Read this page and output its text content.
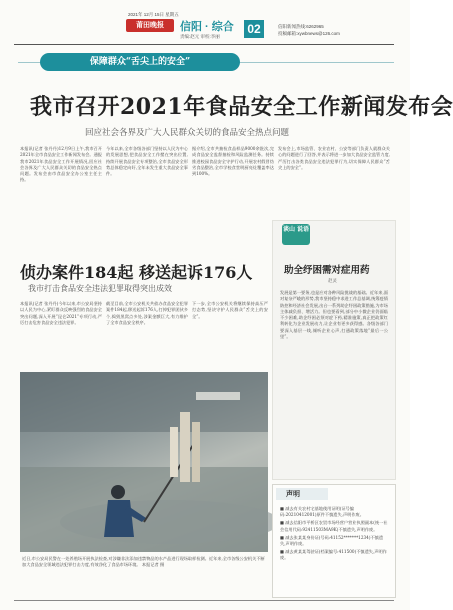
2021年 12月 15日 星期五
莆田晚报	信阳 · 综合
责编:赵元 审校:李丽
02	信阳新闻热线:6262965
投稿邮箱:xywbnews@126.com
保障群众“舌尖上的安全”
我市召开2021年食品安全工作新闻发布会
回应社会各界及广大人民群众关切的食品安全热点问题
本报讯(记者 张丹丹)12月9日上午,我市召开2021年全市食品安全工作新闻发布会。通报我市2021年食品安全工作开展情况,回应社会各界及广大人民群众关切的食品安全热点问题。发布会由市食品安全办公室主任主持。
今年以来,全市各级各部门坚持以人民为中心的发展思想,把食品安全工作摆在突出位置,持续开展食品安全专项整治,全市食品安全形势总体稳定向好,全年未发生重大食品安全事件。
据介绍,全市共抽检食品样品9000余批次,完成食品安全监督抽检和风险监测任务。持续推进校园食品安全守护行动,开展农村假冒伪劣食品整治,全市学校食堂明厨亮灶覆盖率达到100%。
发布会上,市场监管、农业农村、公安等部门负责人就群众关心的问题进行了回答,并表示将进一步加大食品安全监管力度,严厉打击各类食品安全违法犯罪行为,切实保障人民群众“舌尖上的安全”。
谈山 说语
助全纾困需对症用药
赵灵
发展是第一要务,也是应对各种风险挑战的基础。近年来,面对复杂严峻的形势,我市坚持稳中求进工作总基调,统筹疫情防控和经济社会发展,出台一系列助企纾困政策措施,为市场主体减负担、增活力。但也要看到,部分中小微企业仍面临不少困难,助企纾困必须对症下药,精准施策,真正把政策红利转化为企业发展动力,让企业有更多获得感。各级各部门要深入基层一线,倾听企业心声,打通政策落地“最后一公里”。
侦办案件184起 移送起诉176人
我市打击食品安全违法犯罪取得突出成效
本报讯(记者 张丹丹)今年以来,市公安局坚持以人民为中心,紧盯群众反映强烈的食品安全突出问题,深入开展“昆仑2021”专项行动,严厉打击危害食品安全违法犯罪。
截至目前,全市公安机关共侦办食品安全犯罪案件184起,移送起诉176人,打掉犯罪团伙多个,捣毁黑窝点多处,涉案金额巨大,有力维护了全市食品安全秩序。
下一步,全市公安机关将继续保持高压严打态势,坚决守护人民群众“舌尖上的安全”。
近日,市公安局民警在一处养殖场开展执法检查,对涉嫌非法添加违禁物品的水产品进行现场取样检测。近年来,全市各级公安机关不断加大食品安全领域违法犯罪打击力度,有效净化了食品市场环境。 本报记者 摄
声明

■ 减去有关农村宅基地使用证明(证号编码:20210412001)原件不慎遗失,声明作废。

■ 减去信阳市平桥区农贸市场经营户营业执照副本(统一社会信用代码:92411503MA9K)不慎遗失,声明作废。

■ 减去张某某身份证(号码:41152*******1234)不慎遗失,声明作废。

■ 减去黄某某驾驶证(档案编号:411500)不慎遗失,声明作废。
